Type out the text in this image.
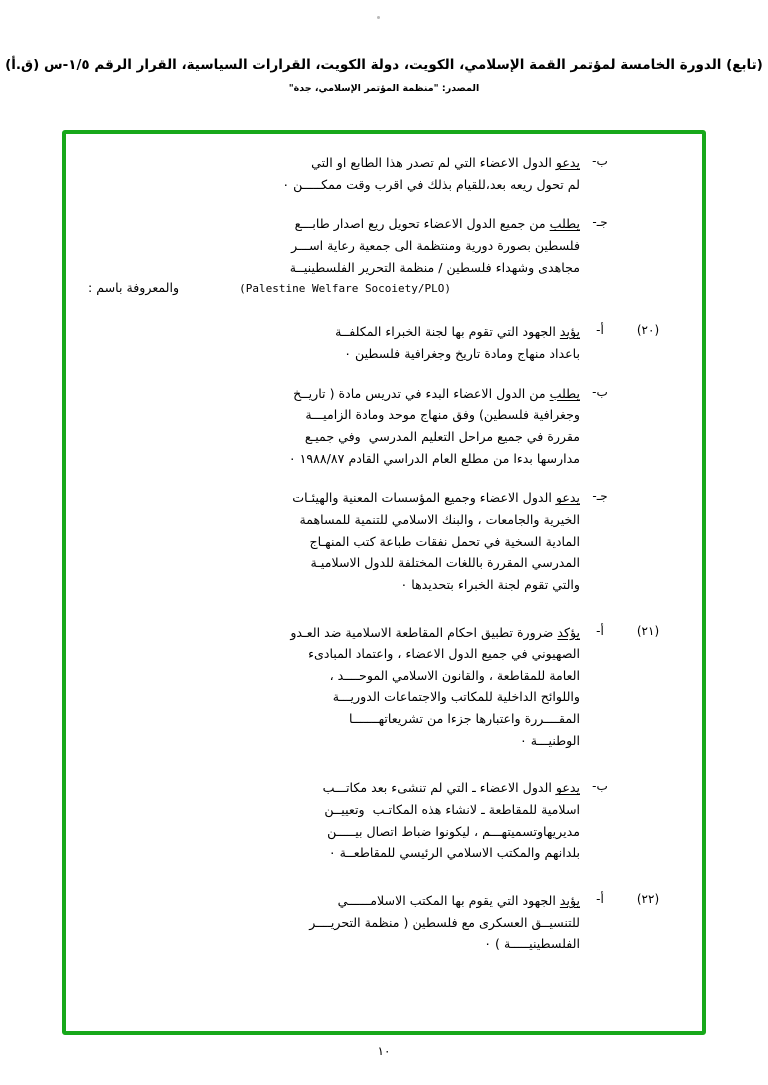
(تابع) الدورة الخامسة لمؤتمر القمة الإسلامي، الكويت، دولة الكويت، القرارات السياسية، القرار الرقم ١/٥-س (ق.أ)
المصدر: "منظمة المؤتمر الإسلامي، جدة"
ب-
يدعو الدول الاعضاء التي لم تصدر هذا الطابع او التي
لم تحول ريعه بعد،للقيام بذلك في اقرب وقت ممكـــــن ٠
جـ-
يطلب من جميع الدول الاعضاء تحويل ريع اصدار طابـــع
فلسطين بصورة دورية ومنتظمة الى جمعية رعاية اســـر
مجاهدى وشهداء فلسطين / منظمة التحرير الفلسطينيــة
والمعروفة باسم :	(Palestine Welfare Socoiety/PLO)
(٢٠)
أ-
يؤيد الجهود التي تقوم بها لجنة الخبراء المكلفــة
باعداد منهاج ومادة تاريخ وجغرافية فلسطين ٠
ب-
يطلب من الدول الاعضاء البدء في تدريس مادة ( تاريــخ
وجغرافية فلسطين) وفق منهاج موحد ومادة الزاميـــة
مقررة في جميع مراحل التعليم المدرسي  وفي جميـع
مدارسها بدءا من مطلع العام الدراسي القادم ١٩٨٨/٨٧ ٠
جـ-
يدعو الدول الاعضاء وجميع المؤسسات المعنية والهيئـات
الخيرية والجامعات ، والبنك الاسلامي للتنمية للمساهمة
المادية السخية في تحمل نفقات طباعة كتب المنهـاج
المدرسي المقررة باللغات المختلفة للدول الاسلاميـة
والتي تقوم لجنة الخبراء بتحديدها ٠
(٢١)
أ-
يؤكد ضرورة تطبيق احكام المقاطعة الاسلامية ضد العـدو
الصهيوني في جميع الدول الاعضاء ، واعتماد المبادىء
العامة للمقاطعة ، والقانون الاسلامي الموحــــد ،
واللوائح الداخلية للمكاتب والاجتماعات الدوريـــة
المقــــررة واعتبارها جزءا من تشريعاتهـــــــا
الوطنيـــة ٠
ب-
يدعو الدول الاعضاء ـ التي لم تنشىء بعد مكاتـــب
اسلامية للمقاطعة ـ لانشاء هذه المكاتـب  وتعييــن
مديريهاوتسميتهـــم ، ليكونوا ضباط اتصال بيـــــن
بلدانهم والمكتب الاسلامي الرئيسي للمقاطعــة ٠
(٢٢)
أ-
يؤيد الجهود التي يقوم بها المكتب الاسلامــــــي
للتنسيــق العسكرى مع فلسطين ( منظمة التحريــــر
الفلسطينيـــــة ) ٠
١٠
